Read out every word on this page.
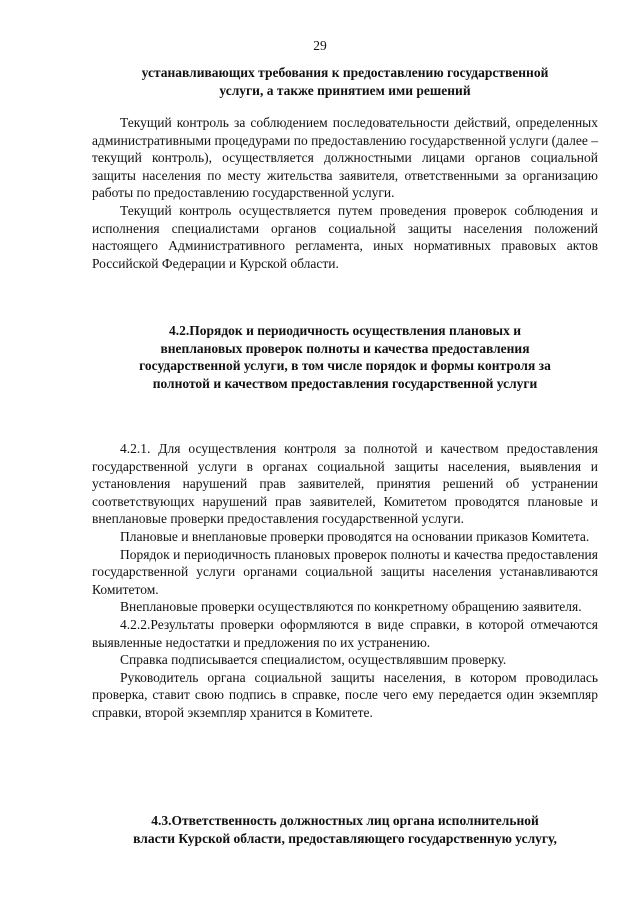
29
устанавливающих требования к предоставлению государственной
услуги, а также принятием ими решений

Текущий контроль за соблюдением последовательности действий, определенных административными процедурами по предоставлению государственной услуги (далее – текущий контроль), осуществляется должностными лицами органов социальной защиты населения по месту жительства заявителя, ответственными за организацию работы по предоставлению государственной услуги.

Текущий контроль осуществляется путем проведения проверок соблюдения и исполнения специалистами органов социальной защиты населения положений настоящего Административного регламента, иных нормативных правовых актов Российской Федерации и Курской области.

4.2.Порядок и периодичность осуществления плановых и
внеплановых проверок полноты и качества предоставления
государственной услуги, в том числе порядок и формы контроля за
полнотой и качеством предоставления государственной услуги

4.2.1. Для осуществления контроля за полнотой и качеством предоставления государственной услуги в органах социальной защиты населения, выявления и установления нарушений прав заявителей, принятия решений об устранении соответствующих нарушений прав заявителей, Комитетом проводятся плановые и внеплановые проверки предоставления государственной услуги.

Плановые и внеплановые проверки проводятся на основании приказов Комитета.

Порядок и периодичность плановых проверок полноты и качества предоставления государственной услуги органами социальной защиты населения устанавливаются Комитетом.

Внеплановые проверки осуществляются по конкретному обращению заявителя.

4.2.2.Результаты проверки оформляются в виде справки, в которой отмечаются выявленные недостатки и предложения по их устранению.

Справка подписывается специалистом, осуществлявшим проверку.

Руководитель органа социальной защиты населения, в котором проводилась проверка, ставит свою подпись в справке, после чего ему передается один экземпляр справки, второй экземпляр хранится в Комитете.

4.3.Ответственность должностных лиц органа исполнительной
власти Курской области, предоставляющего государственную услугу,
